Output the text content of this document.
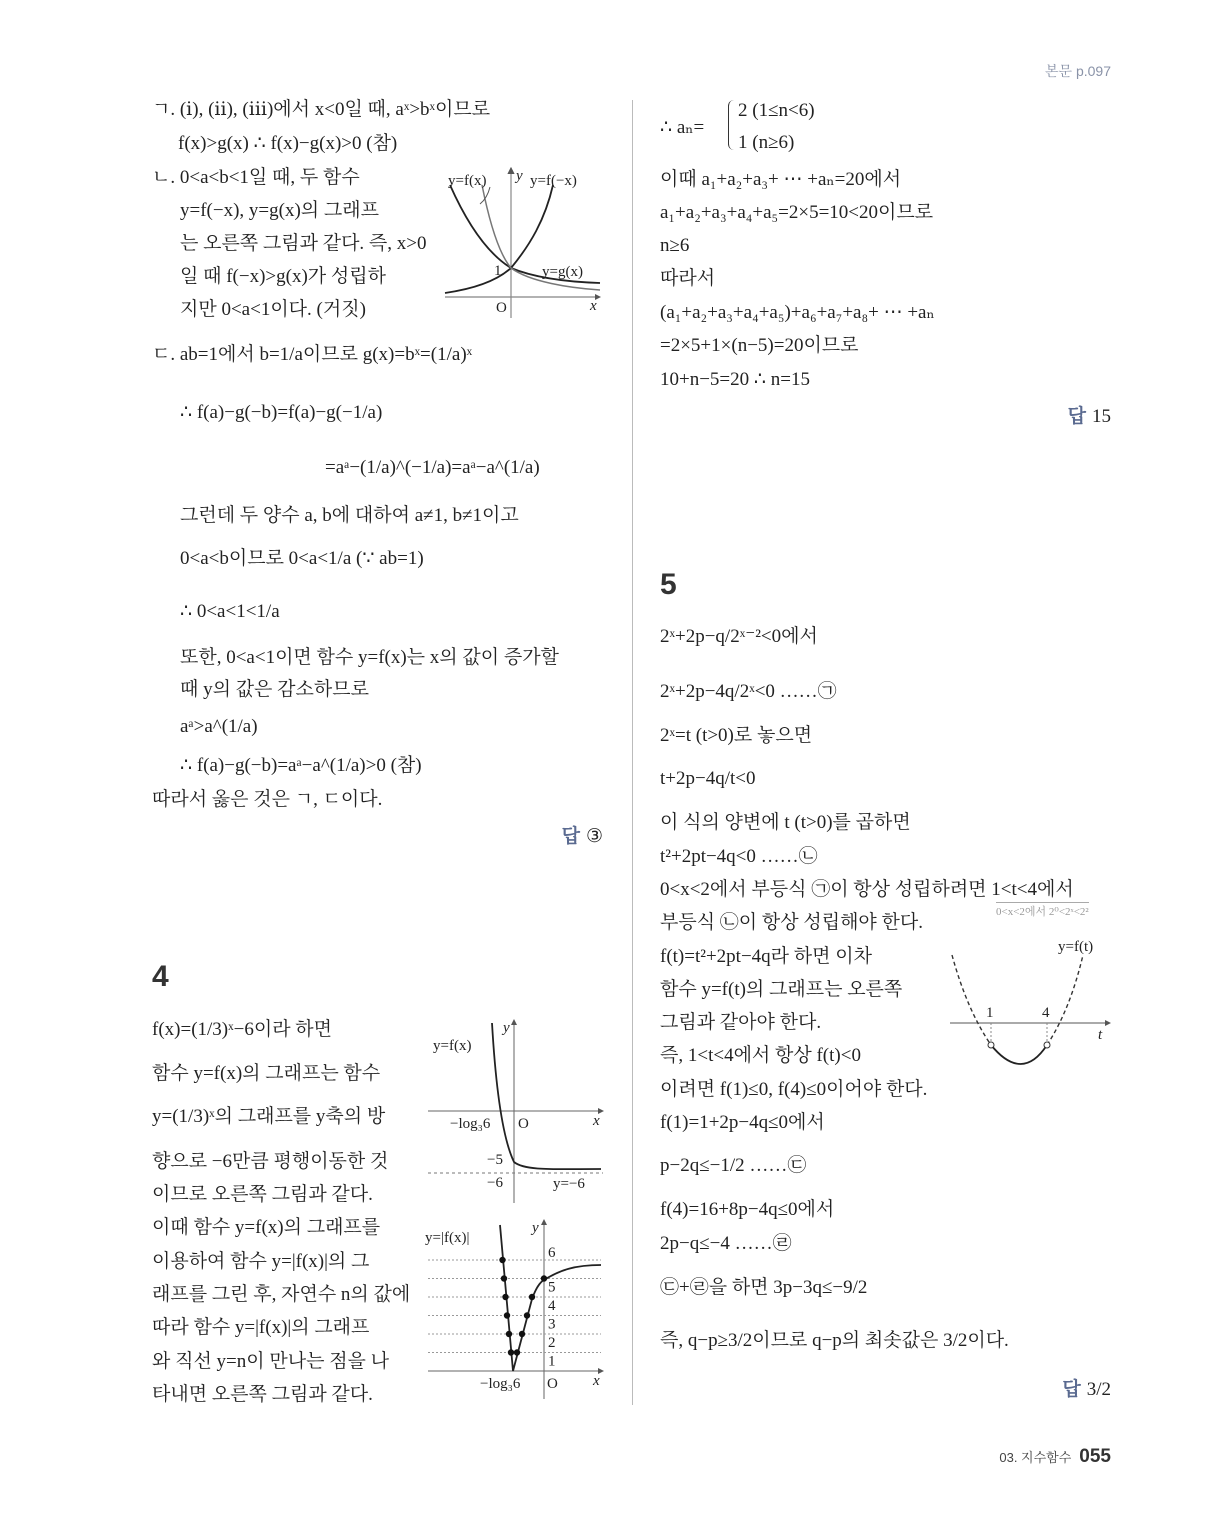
본문 p.097
ㄱ. (ⅰ), (ⅱ), (ⅲ)에서 x<0일 때, aˣ>bˣ이므로
f(x)>g(x) ∴ f(x)−g(x)>0 (참)
ㄴ. 0<a<b<1일 때, 두 함수
y=f(−x), y=g(x)의 그래프
는 오른쪽 그림과 같다. 즉, x>0
일 때 f(−x)>g(x)가 성립하
지만 0<a<1이다. (거짓)
ㄷ. ab=1에서 b=1/a이므로 g(x)=bˣ=(1/a)ˣ
∴ f(a)−g(−b)=f(a)−g(−1/a)
=aᵃ−(1/a)^(−1/a)=aᵃ−a^(1/a)
그런데 두 양수 a, b에 대하여 a≠1, b≠1이고
0<a<b이므로 0<a<1/a (∵ ab=1)
∴ 0<a<1<1/a
또한, 0<a<1이면 함수 y=f(x)는 x의 값이 증가할
때 y의 값은 감소하므로
aᵃ>a^(1/a)
∴ f(a)−g(−b)=aᵃ−a^(1/a)>0 (참)
따라서 옳은 것은 ㄱ, ㄷ이다.
답 ③
y=f(x) y y=f(−x)
y=g(x)
1
O	x
4
f(x)=(1/3)ˣ−6이라 하면
함수 y=f(x)의 그래프는 함수
y=(1/3)ˣ의 그래프를 y축의 방
향으로 −6만큼 평행이동한 것
이므로 오른쪽 그림과 같다.
이때 함수 y=f(x)의 그래프를
이용하여 함수 y=|f(x)|의 그
래프를 그린 후, 자연수 n의 값에
따라 함수 y=|f(x)|의 그래프
와 직선 y=n이 만나는 점을 나
타내면 오른쪽 그림과 같다.
y=f(x)
y
−log₃6 O	x
−5
−6	y=−6
1
2
3
4
5
6
y=|f(x)|
y
−log₃6 O x
∴ aₙ=
2 (1≤n<6)
1 (n≥6)
이때 a₁+a₂+a₃+ ⋯ +aₙ=20에서
a₁+a₂+a₃+a₄+a₅=2×5=10<20이므로
n≥6
따라서
(a₁+a₂+a₃+a₄+a₅)+a₆+a₇+a₈+ ⋯ +aₙ
=2×5+1×(n−5)=20이므로
10+n−5=20 ∴ n=15
답 15
5
2ˣ+2p−q/2ˣ⁻²<0에서
2ˣ+2p−4q/2ˣ<0 ……㉠
2ˣ=t (t>0)로 놓으면
t+2p−4q/t<0
이 식의 양변에 t (t>0)를 곱하면
t²+2pt−4q<0 ……㉡
0<x<2에서 부등식 ㉠이 항상 성립하려면 1<t<4에서
0<x<2에서 2⁰<2ˣ<2²
부등식 ㉡이 항상 성립해야 한다.
f(t)=t²+2pt−4q라 하면 이차
함수 y=f(t)의 그래프는 오른쪽
그림과 같아야 한다.
즉, 1<t<4에서 항상 f(t)<0
이려면 f(1)≤0, f(4)≤0이어야 한다.
f(1)=1+2p−4q≤0에서
p−2q≤−1/2 ……㉢
f(4)=16+8p−4q≤0에서
2p−q≤−4 ……㉣
㉢+㉣을 하면 3p−3q≤−9/2
즉, q−p≥3/2이므로 q−p의 최솟값은 3/2이다.
답 3/2
y=f(t)
1	4
t
03. 지수함수 055
